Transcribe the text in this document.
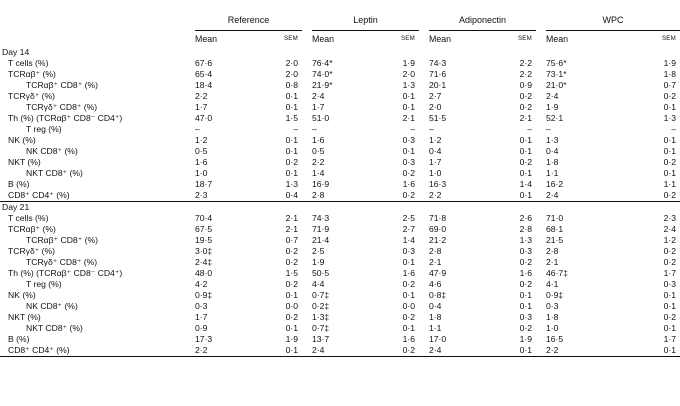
	Reference			Leptin			Adiponectin			WPC	
	Mean	SEM		Mean	SEM		Mean	SEM		Mean	SEM
Day 14											
T cells (%)	67·6	2·0		76·4*	1·9		74·3	2·2		75·6*	1·9
TCRαβ⁺ (%)	65·4	2·0		74·0*	2·0		71·6	2·2		73·1*	1·8
TCRαβ⁺ CD8⁺ (%)	18·4	0·8		21·9*	1·3		20·1	0·9		21·0*	0·7
TCRγδ⁺ (%)	2·2	0·1		2·4	0·1		2·7	0·2		2·4	0·2
TCRγδ⁺ CD8⁺ (%)	1·7	0·1		1·7	0·1		2·0	0·2		1·9	0·1
Th (%) (TCRαβ⁺ CD8⁻ CD4⁺)	47·0	1·5		51·0	2·1		51·5	2·1		52·1	1·3
T reg (%)	–	–		–	–		–	–		–	–
NK (%)	1·2	0·1		1·6	0·3		1·2	0·1		1·3	0·1
NK CD8⁺ (%)	0·5	0·1		0·5	0·1		0·4	0·1		0·4	0·1
NKT (%)	1·6	0·2		2·2	0·3		1·7	0·2		1·8	0·2
NKT CD8⁺ (%)	1·0	0·1		1·4	0·2		1·0	0·1		1·1	0·1
B (%)	18·7	1·3		16·9	1·6		16·3	1·4		16·2	1·1
CD8⁺ CD4⁺ (%)	2·3	0·4		2·8	0·2		2·2	0·1		2·4	0·2
Day 21											
T cells (%)	70·4	2·1		74·3	2·5		71·8	2·6		71·0	2·3
TCRαβ⁺ (%)	67·5	2·1		71·9	2·7		69·0	2·8		68·1	2·4
TCRαβ⁺ CD8⁺ (%)	19·5	0·7		21·4	1·4		21·2	1·3		21·5	1·2
TCRγδ⁺ (%)	3·0‡	0·2		2·5	0·3		2·8	0·3		2·8	0·2
TCRγδ⁺ CD8⁺ (%)	2·4‡	0·2		1·9	0·1		2·1	0·2		2·1	0·2
Th (%) (TCRαβ⁺ CD8⁻ CD4⁺)	48·0	1·5		50·5	1·6		47·9	1·6		46·7‡	1·7
T reg (%)	4·2	0·2		4·4	0·2		4·6	0·2		4·1	0·3
NK (%)	0·9‡	0·1		0·7‡	0·1		0·8‡	0·1		0·9‡	0·1
NK CD8⁺ (%)	0·3	0·0		0·2‡	0·0		0·4	0·1		0·3	0·1
NKT (%)	1·7	0·2		1·3‡	0·2		1·8	0·3		1·8	0·2
NKT CD8⁺ (%)	0·9	0·1		0·7‡	0·1		1·1	0·2		1·0	0·1
B (%)	17·3	1·9		13·7	1·6		17·0	1·9		16·5	1·7
CD8⁺ CD4⁺ (%)	2·2	0·1		2·4	0·2		2·4	0·1		2·2	0·1
